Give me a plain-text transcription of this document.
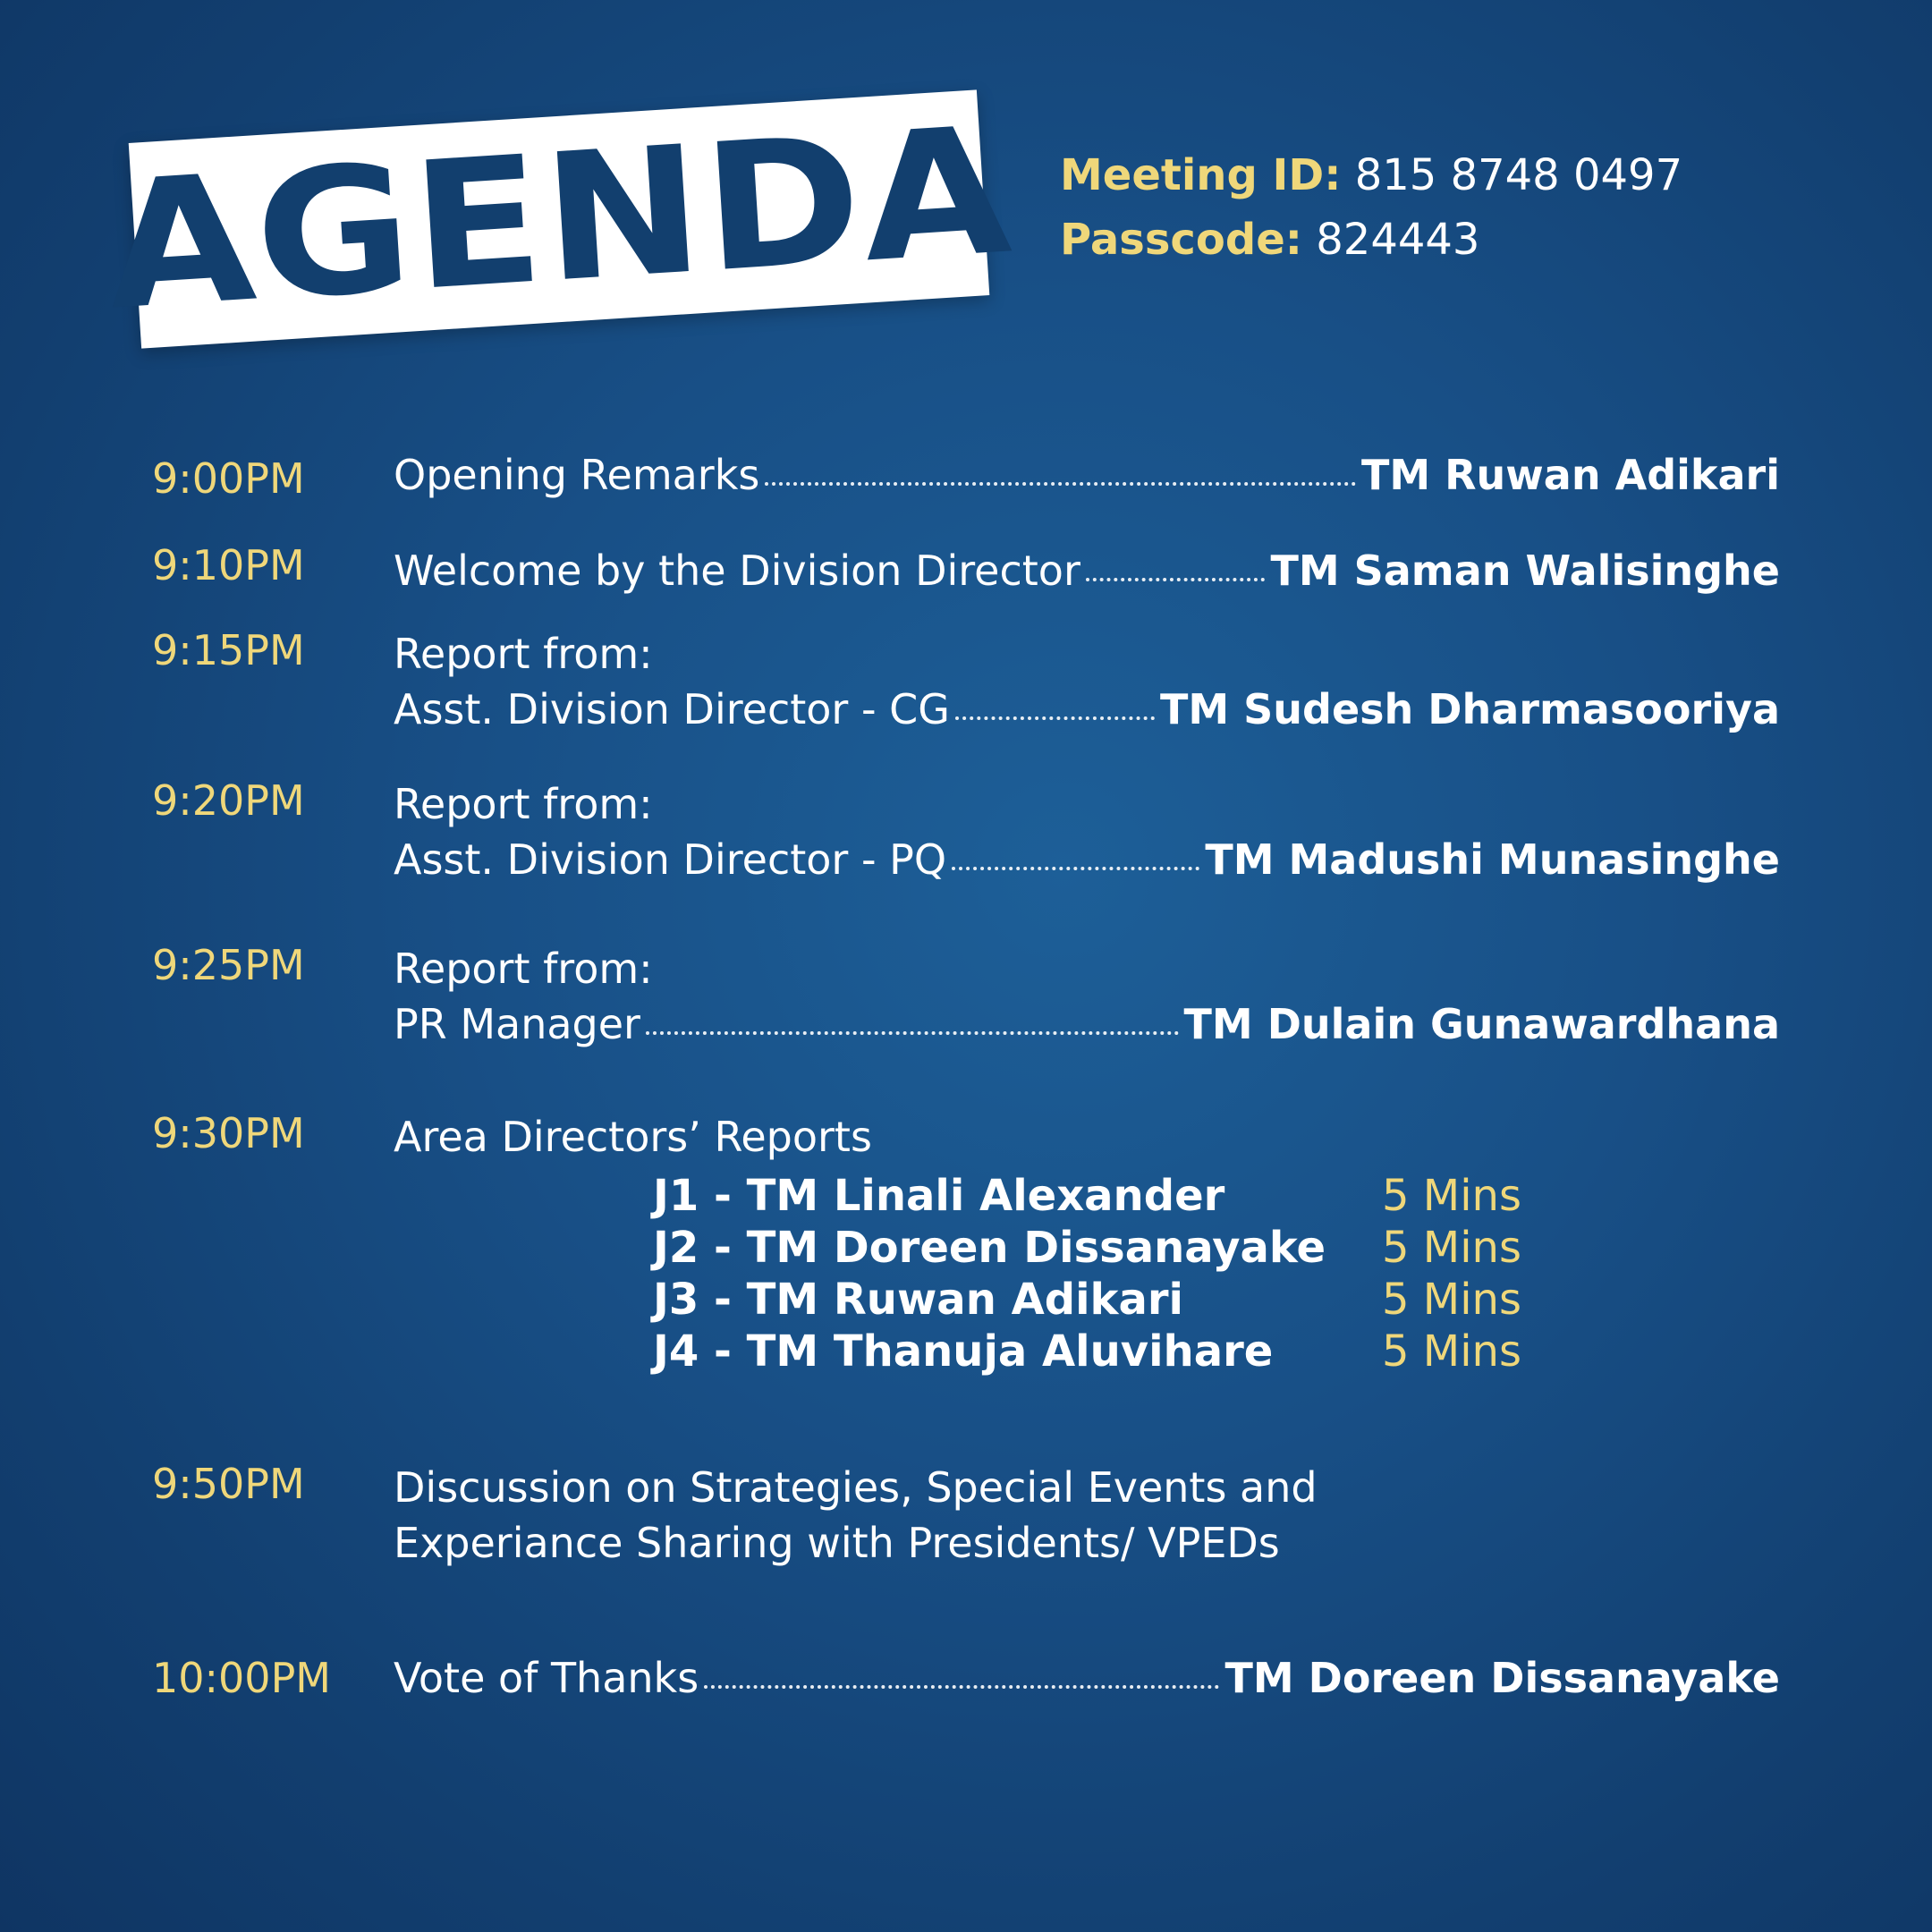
AGENDA Meeting ID: 815 8748 0497
Passcode: 824443
9:00PM Opening Remarks	TM Ruwan Adikari
9:10PM Welcome by the Division Director	TM Saman Walisinghe
9:15PM Report from:
Asst. Division Director - CG	TM Sudesh Dharmasooriya
9:20PM Report from:
Asst. Division Director - PQ	TM Madushi Munasinghe
9:25PM Report from:
PR Manager	TM Dulain Gunawardhana
9:30PM Area Directors’ Reports
J1 - TM Linali Alexander	5 Mins
J2 - TM Doreen Dissanayake	5 Mins
J3 - TM Ruwan Adikari	5 Mins
J4 - TM Thanuja Aluvihare	5 Mins
9:50PM Discussion on Strategies, Special Events and
Experiance Sharing with Presidents/ VPEDs
10:00PM Vote of Thanks	TM Doreen Dissanayake
